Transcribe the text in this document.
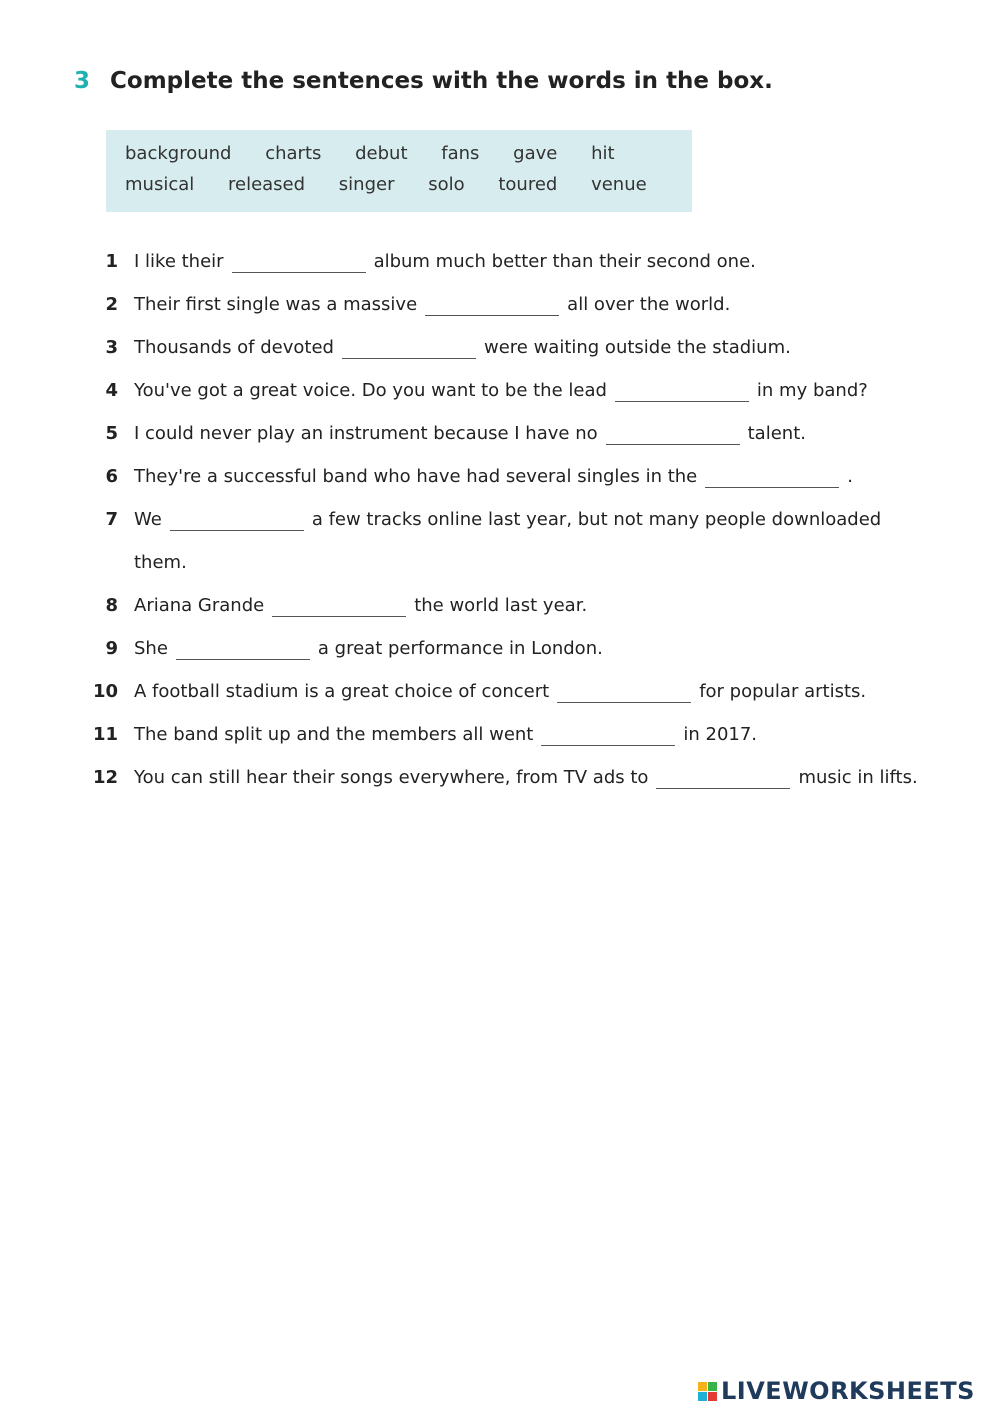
3 Complete the sentences with the words in the box.
background charts debut fans gave hit
musical released singer solo toured venue
1 I like their	album much better than their second one.
2 Their first single was a massive	all over the world.
3 Thousands of devoted	were waiting outside the stadium.
4 You've got a great voice. Do you want to be the lead	in my band?
5 I could never play an instrument because I have no	talent.
6 They're a successful band who have had several singles in the	.
7 We	a few tracks online last year, but not many people downloaded them.
8 Ariana Grande	the world last year.
9 She	a great performance in London.
10 A football stadium is a great choice of concert	for popular artists.
11 The band split up and the members all went	in 2017.
12 You can still hear their songs everywhere, from TV ads to	music in lifts.
LIVEWORKSHEETS
